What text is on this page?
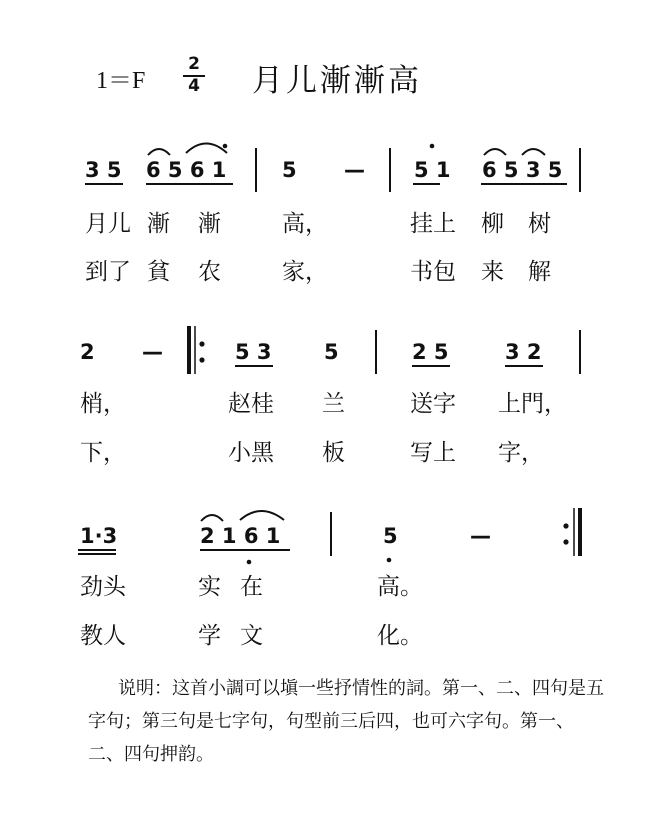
1＝F
2
4 月儿漸漸高
3 5 6 5 6 1	5 — 5 1 6 5 3 5
月儿 漸 漸	高，	挂上 柳 树
到了 貧 农	家，	书包 来 解
2 —	5 3 5	2 5	3 2
梢，	赵桂 兰	送字 上門，
下，	小黑 板	写上 字，
1·3	2 1 6 1	5	—
劲头	实 在	高。
教人	学 文	化。
说明：这首小調可以塡一些抒情性的詞。第一、二、四句是五字句；第三句是七字句，句型前三后四，也可六字句。第一、二、四句押韵。
